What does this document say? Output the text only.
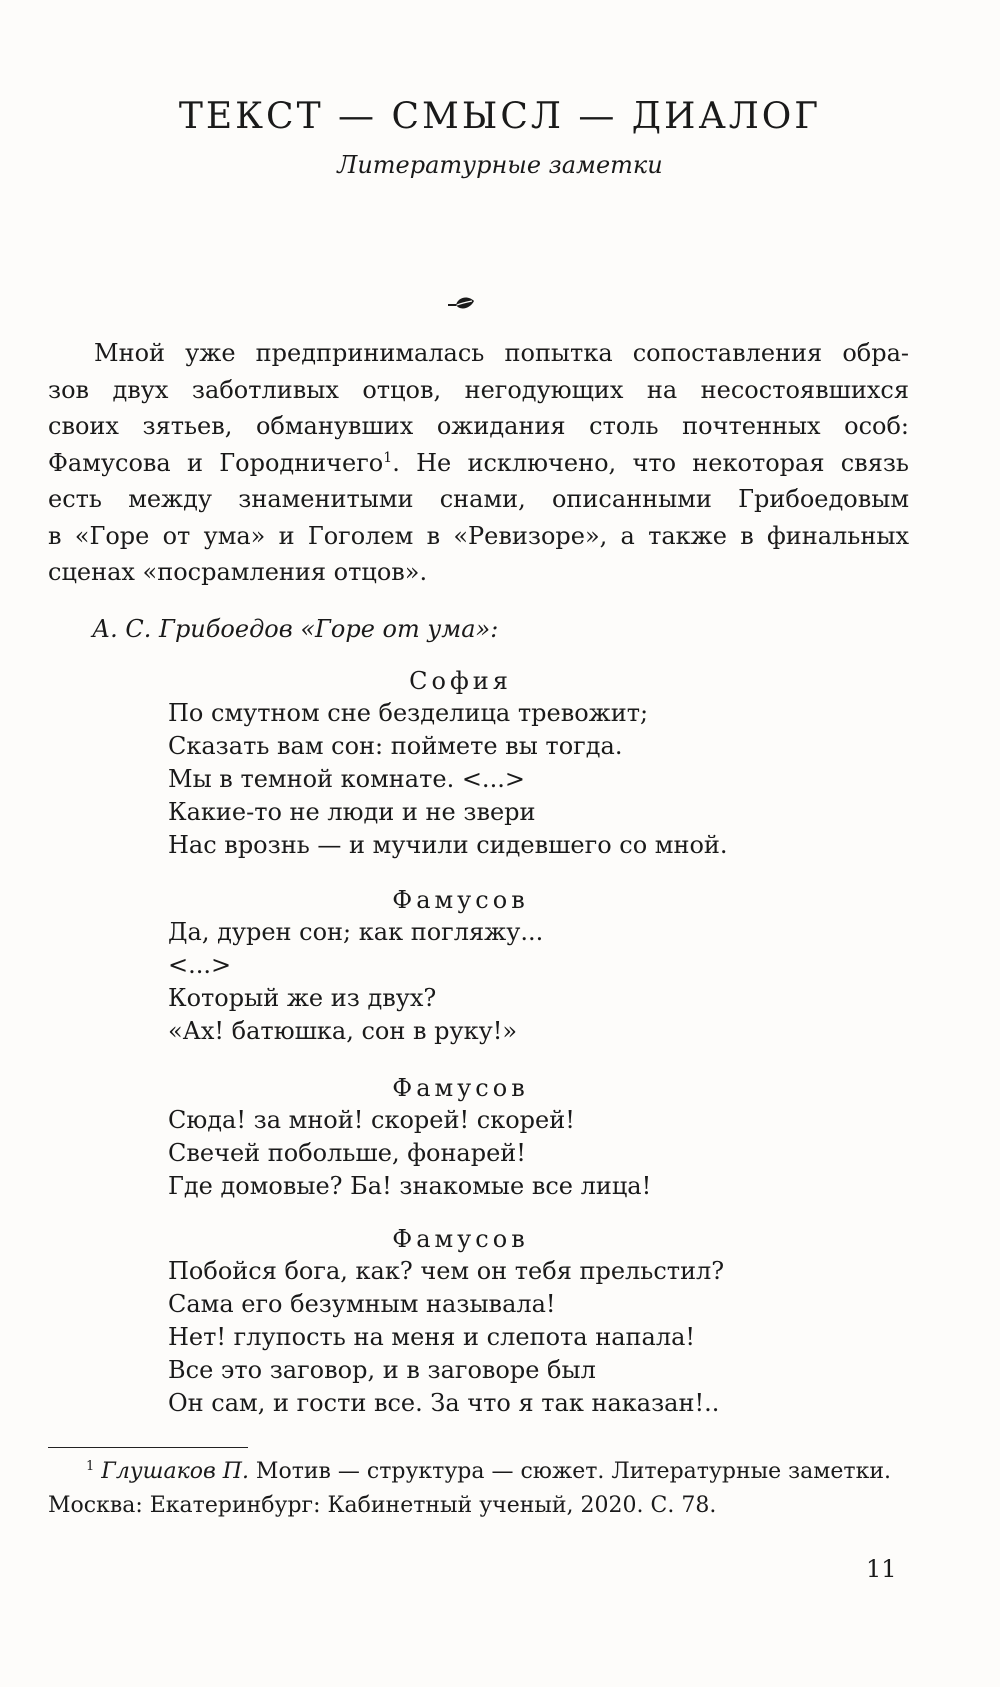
ТЕКСТ — СМЫСЛ — ДИАЛОГ

Литературные заметки

Мной уже предпринималась попытка сопоставления обра-
зов двух заботливых отцов, негодующих на несостоявшихся
своих зятьев, обманувших ожидания столь почтенных особ:
Фамусова и Городничего$^1$. Не исключено, что некоторая связь
есть между знаменитыми снами, описанными Грибоедовым
в «Горе от ума» и Гоголем в «Ревизоре», а также в финальных
сценах «посрамления отцов».

А. С. Грибоедов «Горе от ума»:

София
По смутном сне безделица тревожит;
Сказать вам сон: поймете вы тогда.
Мы в темной комнате. <...>
Какие-то не люди и не звери
Нас врознь — и мучили сидевшего со мной.
Фамусов
Да, дурен сон; как погляжу...
<...>
Который же из двух?
«Ах! батюшка, сон в руку!»
Фамусов
Сюда! за мной! скорей! скорей!
Свечей побольше, фонарей!
Где домовые? Ба! знакомые все лица!
Фамусов
Побойся бога, как? чем он тебя прельстил?
Сама его безумным называла!
Нет! глупость на меня и слепота напала!
Все это заговор, и в заговоре был
Он сам, и гости все. За что я так наказан!..

$^1$ Глушаков П. Мотив — структура — сюжет. Литературные заметки.
Москва: Екатеринбург: Кабинетный ученый, 2020. С. 78.

11
